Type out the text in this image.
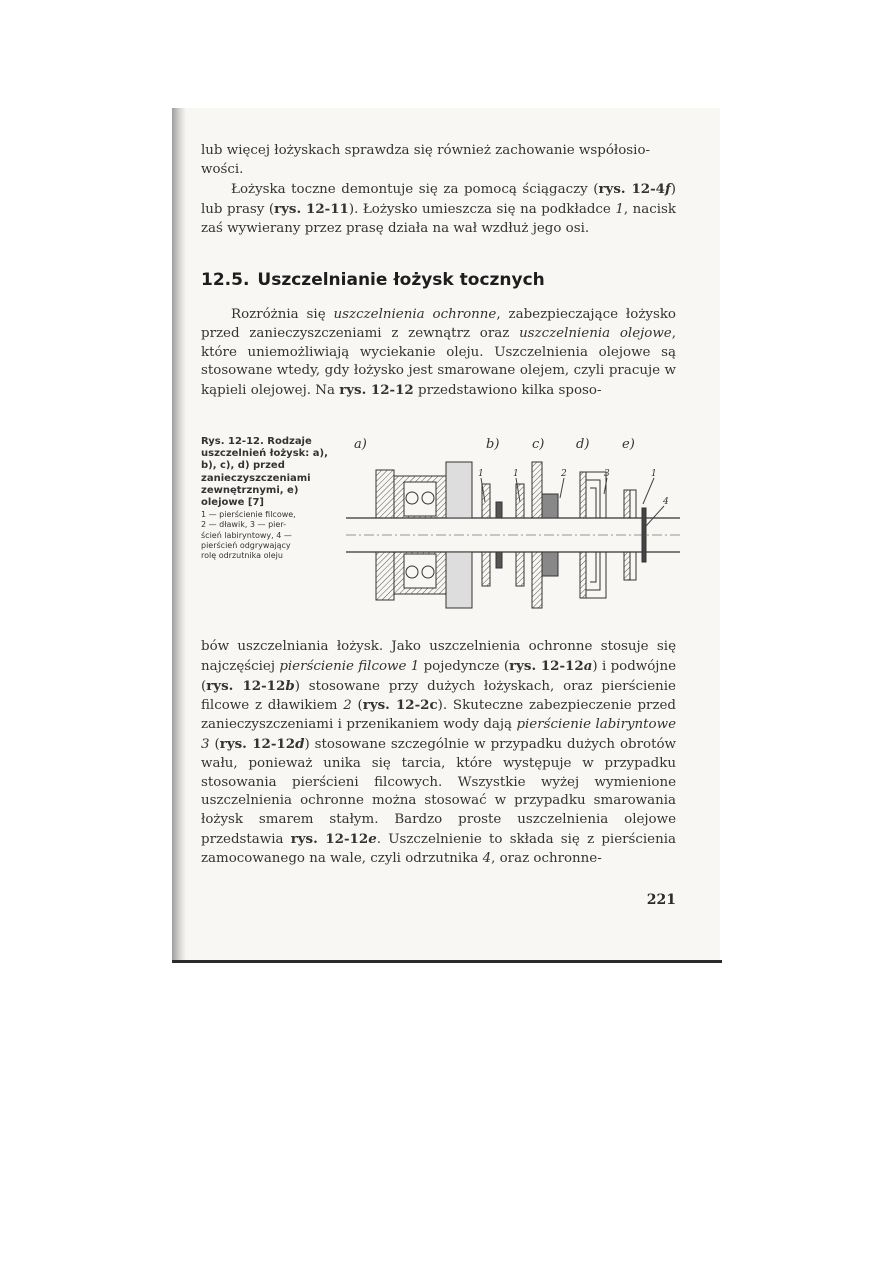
lub więcej łożyskach sprawdza się również zachowanie współosio-
wości.

Łożyska toczne demontuje się za pomocą ściągaczy (rys. 12-4f) lub prasy (rys. 12-11). Łożysko umieszcza się na podkładce 1, nacisk zaś wywierany przez prasę działa na wał wzdłuż jego osi.

12.5. Uszczelnianie łożysk tocznych

Rozróżnia się uszczelnienia ochronne, zabezpieczające łożysko przed zanieczyszczeniami z zewnątrz oraz uszczelnienia olejowe, które uniemożliwiają wyciekanie oleju. Uszczelnienia olejowe są stosowane wtedy, gdy łożysko jest smarowane olejem, czyli pracuje w kąpieli olejowej. Na rys. 12-12 przedstawiono kilka sposo-

Rys. 12-12. Rodzaje uszczelnień łożysk: a), b), c), d) przed zanieczyszczeniami zewnętrznymi, e) olejowe [7]
1 — pierścienie filcowe,
2 — dławik, 3 — pier-
ścień labiryntowy, 4 —
pierścień odgrywający
rolę odrzutnika oleju
a)	b)	c) d)	e)
1	1	2	3	1
4

bów uszczelniania łożysk. Jako uszczelnienia ochronne stosuje się najczęściej pierścienie filcowe 1 pojedyncze (rys. 12-12a) i podwójne (rys. 12-12b) stosowane przy dużych łożyskach, oraz pierścienie filcowe z dławikiem 2 (rys. 12-2c). Skuteczne zabezpieczenie przed zanieczyszczeniami i przenikaniem wody dają pierścienie labiryntowe 3 (rys. 12-12d) stosowane szczególnie w przypadku dużych obrotów wału, ponieważ unika się tarcia, które występuje w przypadku stosowania pierścieni filcowych. Wszystkie wyżej wymienione uszczelnienia ochronne można stosować w przypadku smarowania łożysk smarem stałym. Bardzo proste uszczelnienia olejowe przedstawia rys. 12-12e. Uszczelnienie to składa się z pierścienia zamocowanego na wale, czyli odrzutnika 4, oraz ochronne-

221
